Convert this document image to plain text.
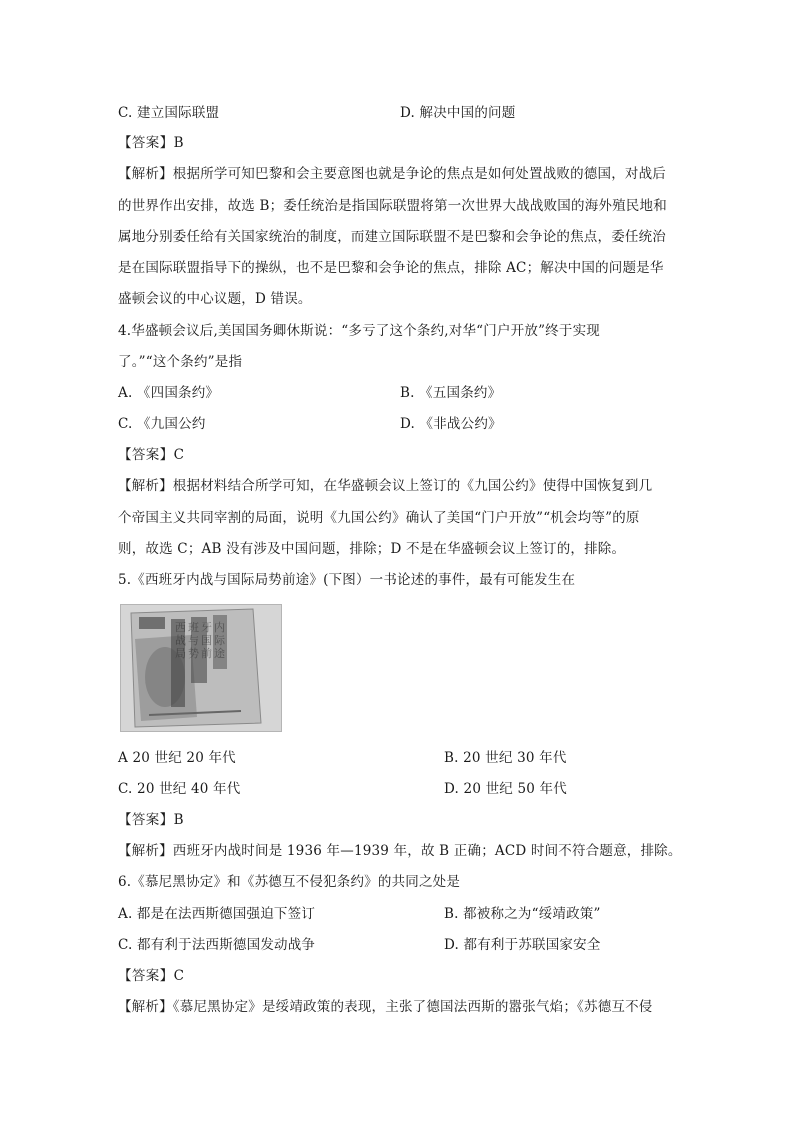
C. 建立国际联盟	D. 解决中国的问题
【答案】B
【解析】根据所学可知巴黎和会主要意图也就是争论的焦点是如何处置战败的德国，对战后
的世界作出安排，故选 B；委任统治是指国际联盟将第一次世界大战战败国的海外殖民地和
属地分别委任给有关国家统治的制度，而建立国际联盟不是巴黎和会争论的焦点，委任统治
是在国际联盟指导下的操纵，也不是巴黎和会争论的焦点，排除 AC；解决中国的问题是华
盛顿会议的中心议题，D 错误。
4.华盛顿会议后,美国国务卿休斯说：“多亏了这个条约,对华“门户开放”终于实现
了。”“这个条约”是指
A. 《四国条约》	B. 《五国条约》
C. 《九国公约	D. 《非战公约》
【答案】C
【解析】根据材料结合所学可知，在华盛顿会议上签订的《九国公约》使得中国恢复到几
个帝国主义共同宰割的局面，说明《九国公约》确认了美国“门户开放”“机会均等”的原
则，故选 C；AB 没有涉及中国问题，排除；D 不是在华盛顿会议上签订的，排除。
5.《西班牙内战与国际局势前途》(下图）一书论述的事件，最有可能发生在
西班牙内战与国际局势前途
A 20 世纪 20 年代	B. 20 世纪 30 年代
C. 20 世纪 40 年代	D. 20 世纪 50 年代
【答案】B
【解析】西班牙内战时间是 1936 年—1939 年，故 B 正确；ACD 时间不符合题意，排除。
6.《慕尼黑协定》和《苏德互不侵犯条约》的共同之处是
A. 都是在法西斯德国强迫下签订	B. 都被称之为“绥靖政策”
C. 都有利于法西斯德国发动战争	D. 都有利于苏联国家安全
【答案】C
【解析】《慕尼黑协定》是绥靖政策的表现，主张了德国法西斯的嚣张气焰；《苏德互不侵
